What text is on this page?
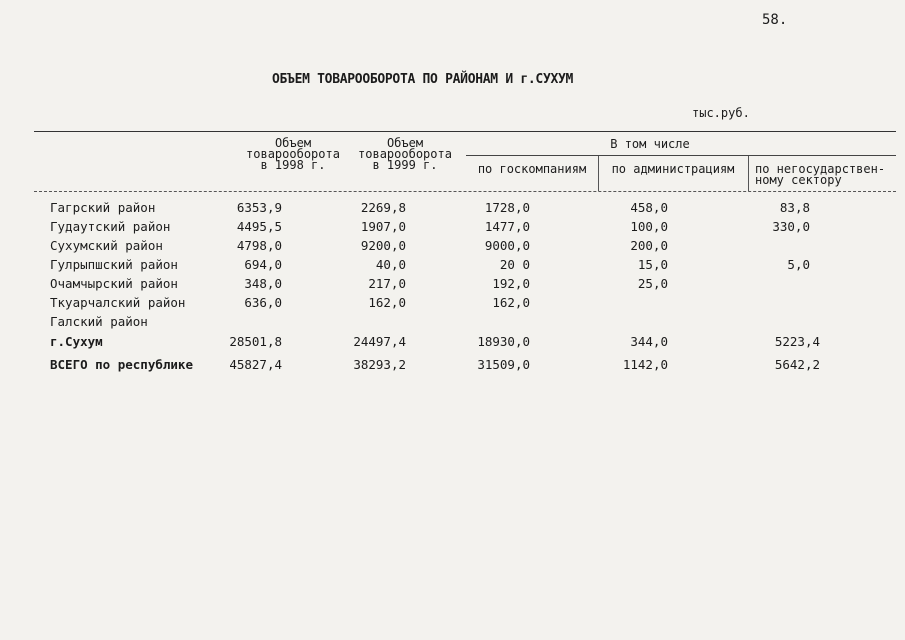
58.
ОБЪЕМ ТОВАРООБОРОТА ПО РАЙОНАМ И г.СУХУМ
тыс.руб.
Объем
товарооборота
в 1998 г.
Объем
товарооборота
в 1999 г.
В том числе
по госкомпаниям	по администрациям	по негосударствен-
ному сектору
Гагрский район	6353,9	2269,8	1728,0	458,0	83,8
Гудаутский район	4495,5	1907,0	1477,0	100,0	330,0
Сухумский район	4798,0	9200,0	9000,0	200,0
Гулрыпшский район	694,0	40,0	20 0	15,0	5,0
Очамчырский район	348,0	217,0	192,0	25,0
Ткуарчалский район	636,0	162,0	162,0
Галский район
г.Сухум	28501,8	24497,4	18930,0	344,0	5223,4
ВСЕГО по республике	45827,4	38293,2	31509,0	1142,0	5642,2
